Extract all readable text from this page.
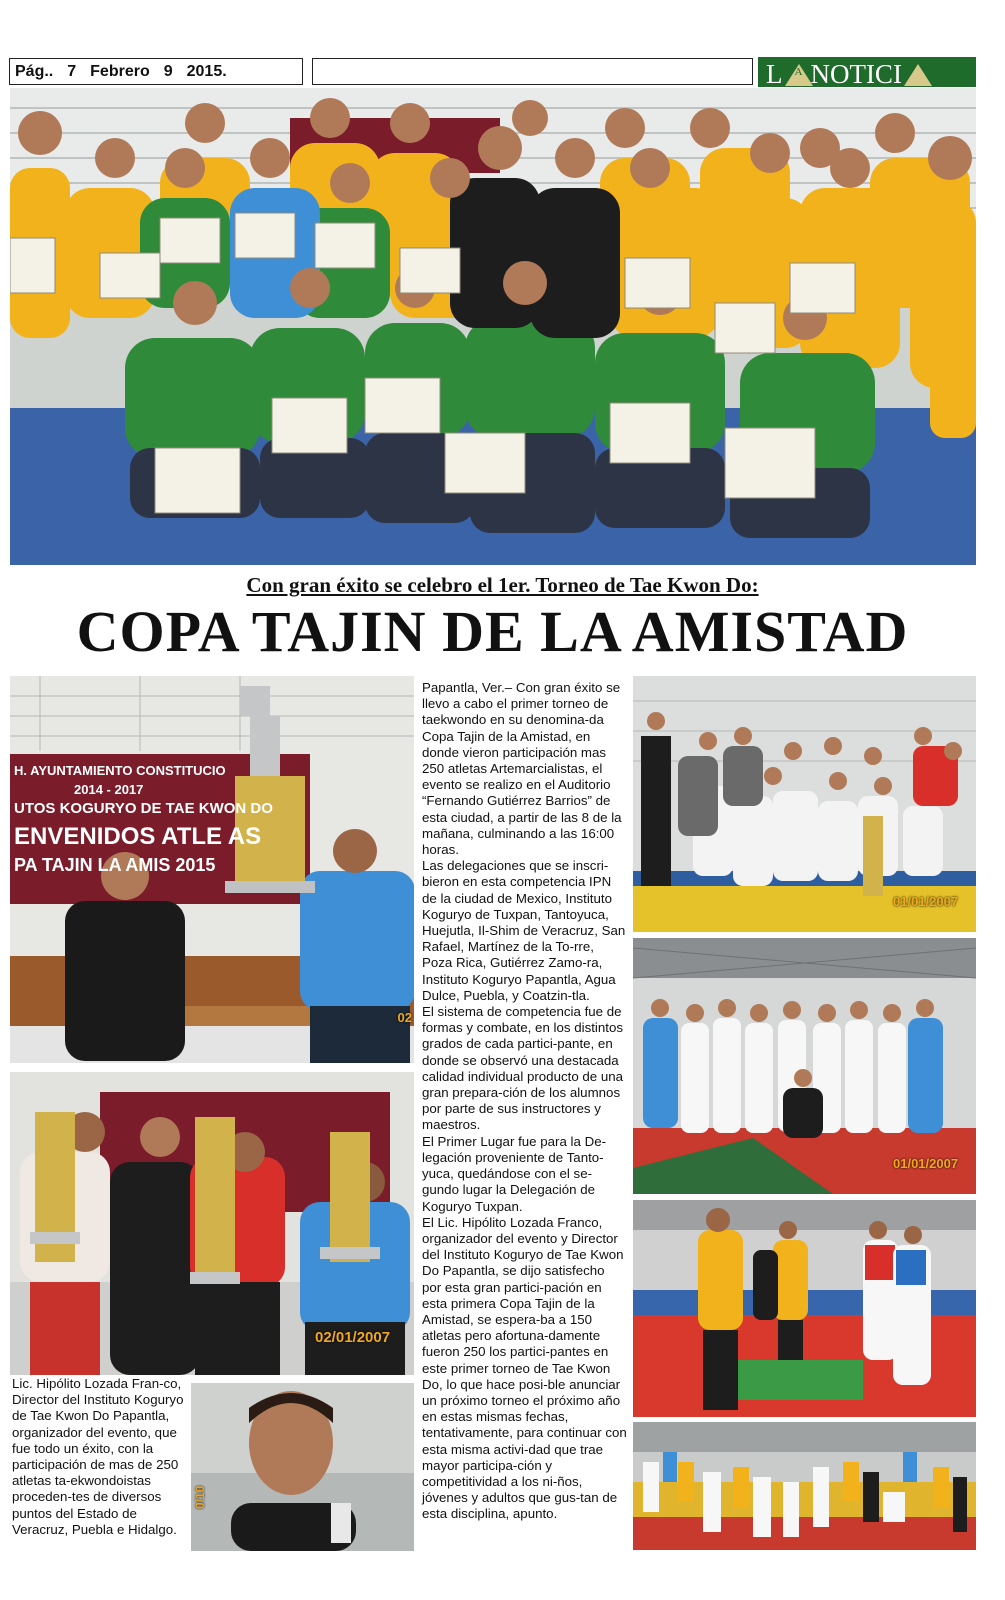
Pág.. 7 Febrero 9 2015.	L $^A$ NOTICI
Con gran éxito se celebro el 1er. Torneo de Tae Kwon Do:
COPA TAJIN DE LA AMISTAD
H. AYUNTAMIENTO CONSTITUCIO
2014 - 2017
UTOS KOGURYO DE TAE KWON DO
ENVENIDOS ATLE AS
PA TAJIN LA AMIS 2015
02
02/01/2007
Lic. Hipólito Lozada Fran-co, Director del Instituto Koguryo de Tae Kwon Do Papantla, organizador del evento, que fue todo un éxito, con la participación de mas de 250 atletas ta-ekwondoistas proceden-tes de diversos puntos del Estado de Veracruz, Puebla e Hidalgo.
0/10

Papantla, Ver.– Con gran éxito se llevo a cabo el primer torneo de taekwondo en su denomina-da Copa Tajin de la Amistad, en donde vieron participación mas 250 atletas Artemarcialistas, el evento se realizo en el Auditorio “Fernando Gutiérrez Barrios” de esta ciudad, a partir de las 8 de la mañana, culminando a las 16:00 horas.

Las delegaciones que se inscri-bieron en esta competencia IPN de la ciudad de Mexico, Instituto Koguryo de Tuxpan, Tantoyuca, Huejutla, Il-Shim de Veracruz, San Rafael, Martínez de la To-rre, Poza Rica, Gutiérrez Zamo-ra, Instituto Koguryo Papantla, Agua Dulce, Puebla, y Coatzin-tla.

El sistema de competencia fue de formas y combate, en los distintos grados de cada partici-pante, en donde se observó una destacada calidad individual producto de una gran prepara-ción de los alumnos por parte de sus instructores y maestros.

El Primer Lugar fue para la De-legación proveniente de Tanto-yuca, quedándose con el se-gundo lugar la Delegación de Koguryo Tuxpan.

El Lic. Hipólito Lozada Franco, organizador del evento y Director del Instituto Koguryo de Tae Kwon Do Papantla, se dijo satisfecho por esta gran partici-pación en esta primera Copa Tajin de la Amistad, se espera-ba a 150 atletas pero afortuna-damente fueron 250 los partici-pantes en este primer torneo de Tae Kwon Do, lo que hace posi-ble anunciar un próximo torneo el próximo año en estas mismas fechas, tentativamente, para continuar con esta misma activi-dad que trae mayor participa-ción y competitividad a los ni-ños, jóvenes y adultos que gus-tan de esta disciplina, apunto.

01/01/2007
01/01/2007
